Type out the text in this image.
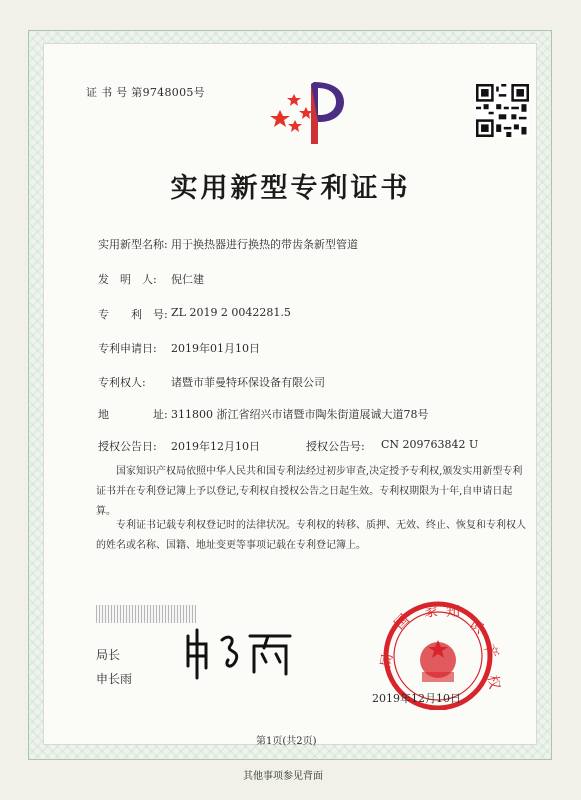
证 书 号 第9748005号
实用新型专利证书
实用新型名称: 用于换热器进行换热的带齿条新型管道
发　明　人: 倪仁建
专　　利　号: ZL 2019 2 0042281.5
专利申请日: 2019年01月10日
专利权人: 诸暨市菲曼特环保设备有限公司
地　　　　址: 311800 浙江省绍兴市诸暨市陶朱街道展诚大道78号
授权公告日: 2019年12月10日	授权公告号: CN 209763842 U
国家知识产权局依照中华人民共和国专利法经过初步审查,决定授予专利权,颁发实用新型专利证书并在专利登记簿上予以登记,专利权自授权公告之日起生效。专利权期限为十年,自申请日起算。
专利证书记载专利权登记时的法律状况。专利权的转移、质押、无效、终止、恢复和专利权人的姓名或名称、国籍、地址变更等事项记载在专利登记簿上。
局长
申长雨
国 家 知
识
产
权
局
2019年12月10日
第1页(共2页)
其他事项参见背面
